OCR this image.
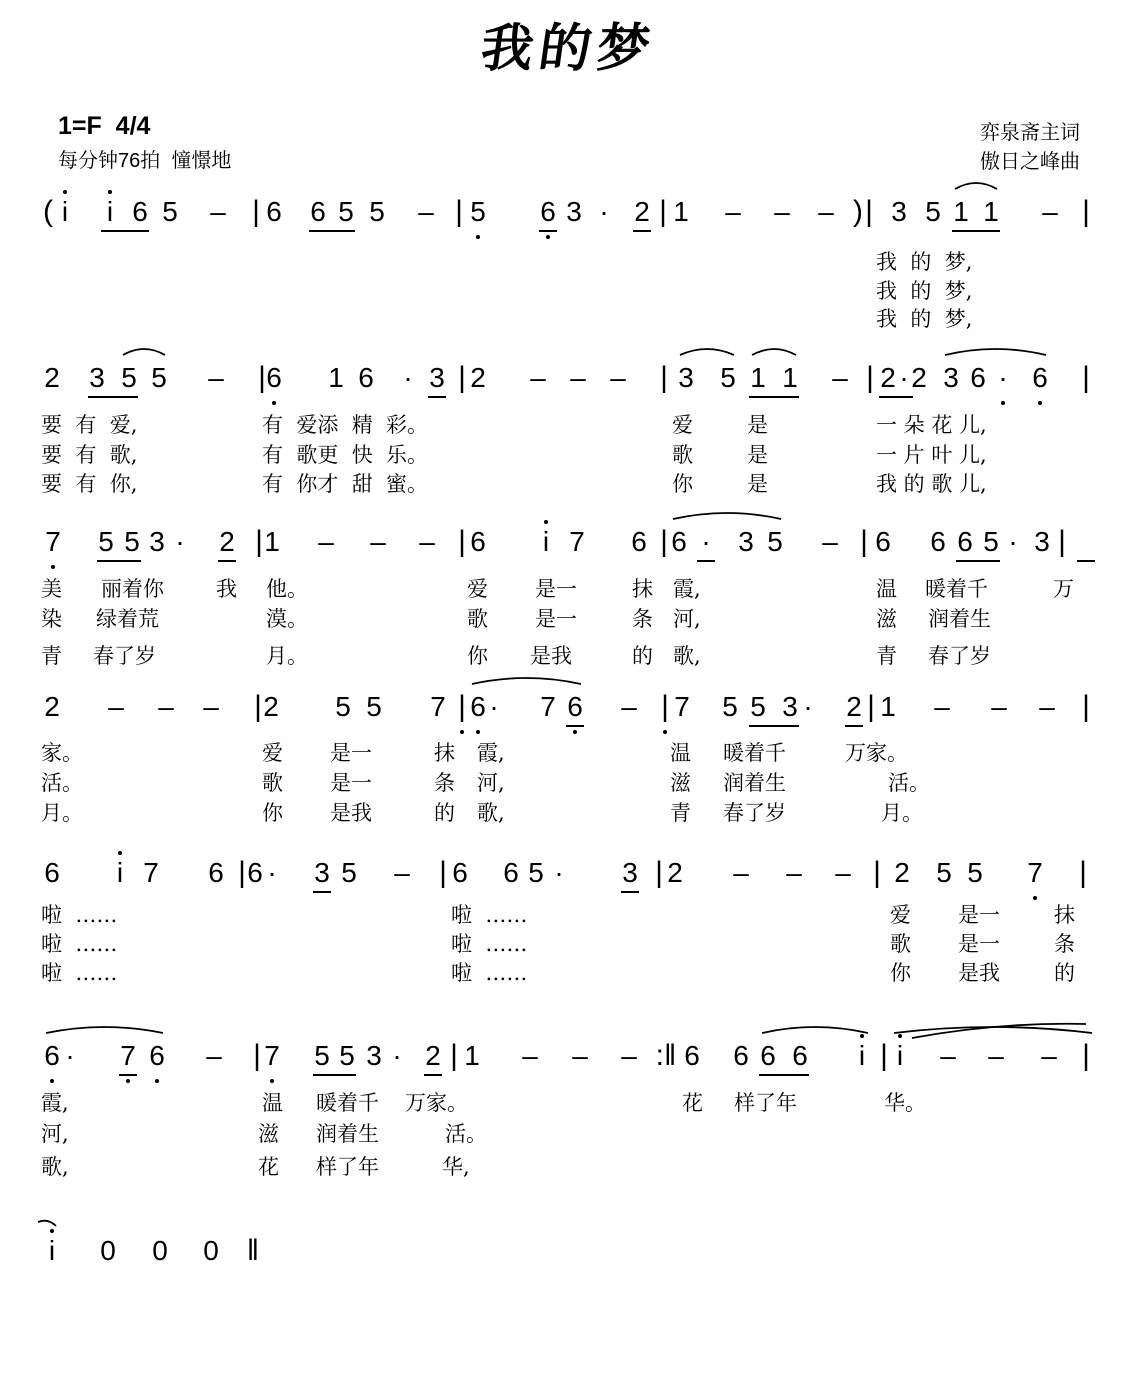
我的梦
1=F  4/4
每分钟76拍  憧憬地
弈泉斋主词
傲日之峰曲
( i i 6 5 – | 6 6 5 5 – | 5 6 3 · 2 | 1 – – – ) | 3 5 1 1 – |
我  的  梦,
我  的  梦,
我  的  梦,
2 3 5 5 – | 6 1 6 · 3 | 2 – – – | 3 5 1 1 – | 2 · 2 3 6 · 6 |
要  有  爱,	有  爱添  精  彩。	爱	是	一 朵 花 儿,
要  有  歌,	有  歌更  快  乐。	歌	是	一 片 叶 儿,
要  有  你,	有  你才  甜  蜜。	你	是	我 的 歌 儿,
7 5 5 3 · 2 | 1 – – – | 6 i 7 6 | 6 · 3 5 – | 6 6 6 5 · 3 |
美 丽着你 我 他。	爱 是一	抹 霞,	温 暖着千	万
染 绿着荒	漠。	歌 是一	条 河,	滋 润着生
青 春了岁	月。	你 是我	的 歌,	青 春了岁
2 – – – | 2 5 5 7 | 6 · 7 6 – | 7 5 5 3 · 2 | 1 – – – |
家。	爱 是一	抹 霞,	温 暖着千	万家。
活。	歌 是一	条 河,	滋 润着生	活。
月。	你 是我	的 歌,	青 春了岁	月。
6 i 7 6 | 6 · 3 5 – | 6 6 5 · 3 | 2 – – – | 2 5 5 7 |
啦  ……	啦  ……	爱 是一	抹
啦  ……	啦  ……	歌 是一	条
啦  ……	啦  ……	你 是我	的
6 · 7 6 – | 7 5 5 3 · 2 | 1 – – – :‖ 6 6 6 6 i | i – – – |
霞,	温 暖着千 万家。	花 样了年	华。
河,	滋 润着生	活。
歌,	花 样了年	华,
i 0 0 0 ‖
